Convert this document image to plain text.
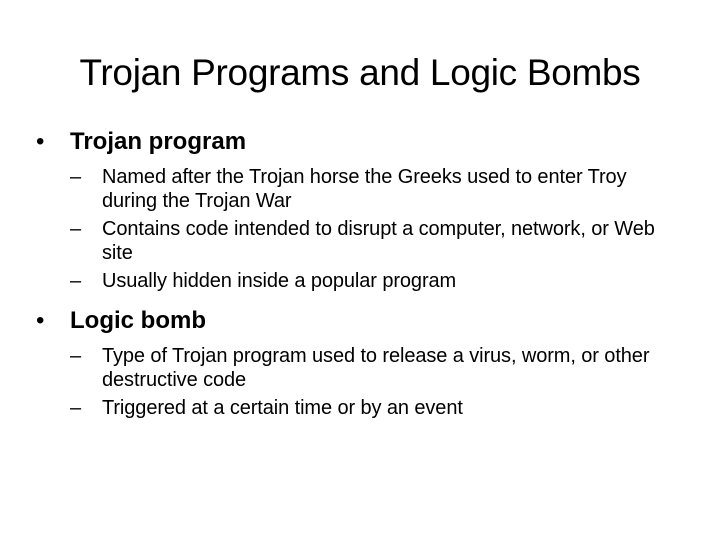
Trojan Programs and Logic Bombs

• Trojan program

– Named after the Trojan horse the Greeks used to enter Troy during the Trojan War
– Contains code intended to disrupt a computer, network, or Web site
– Usually hidden inside a popular program

• Logic bomb

– Type of Trojan program used to release a virus, worm, or other destructive code
– Triggered at a certain time or by an event
